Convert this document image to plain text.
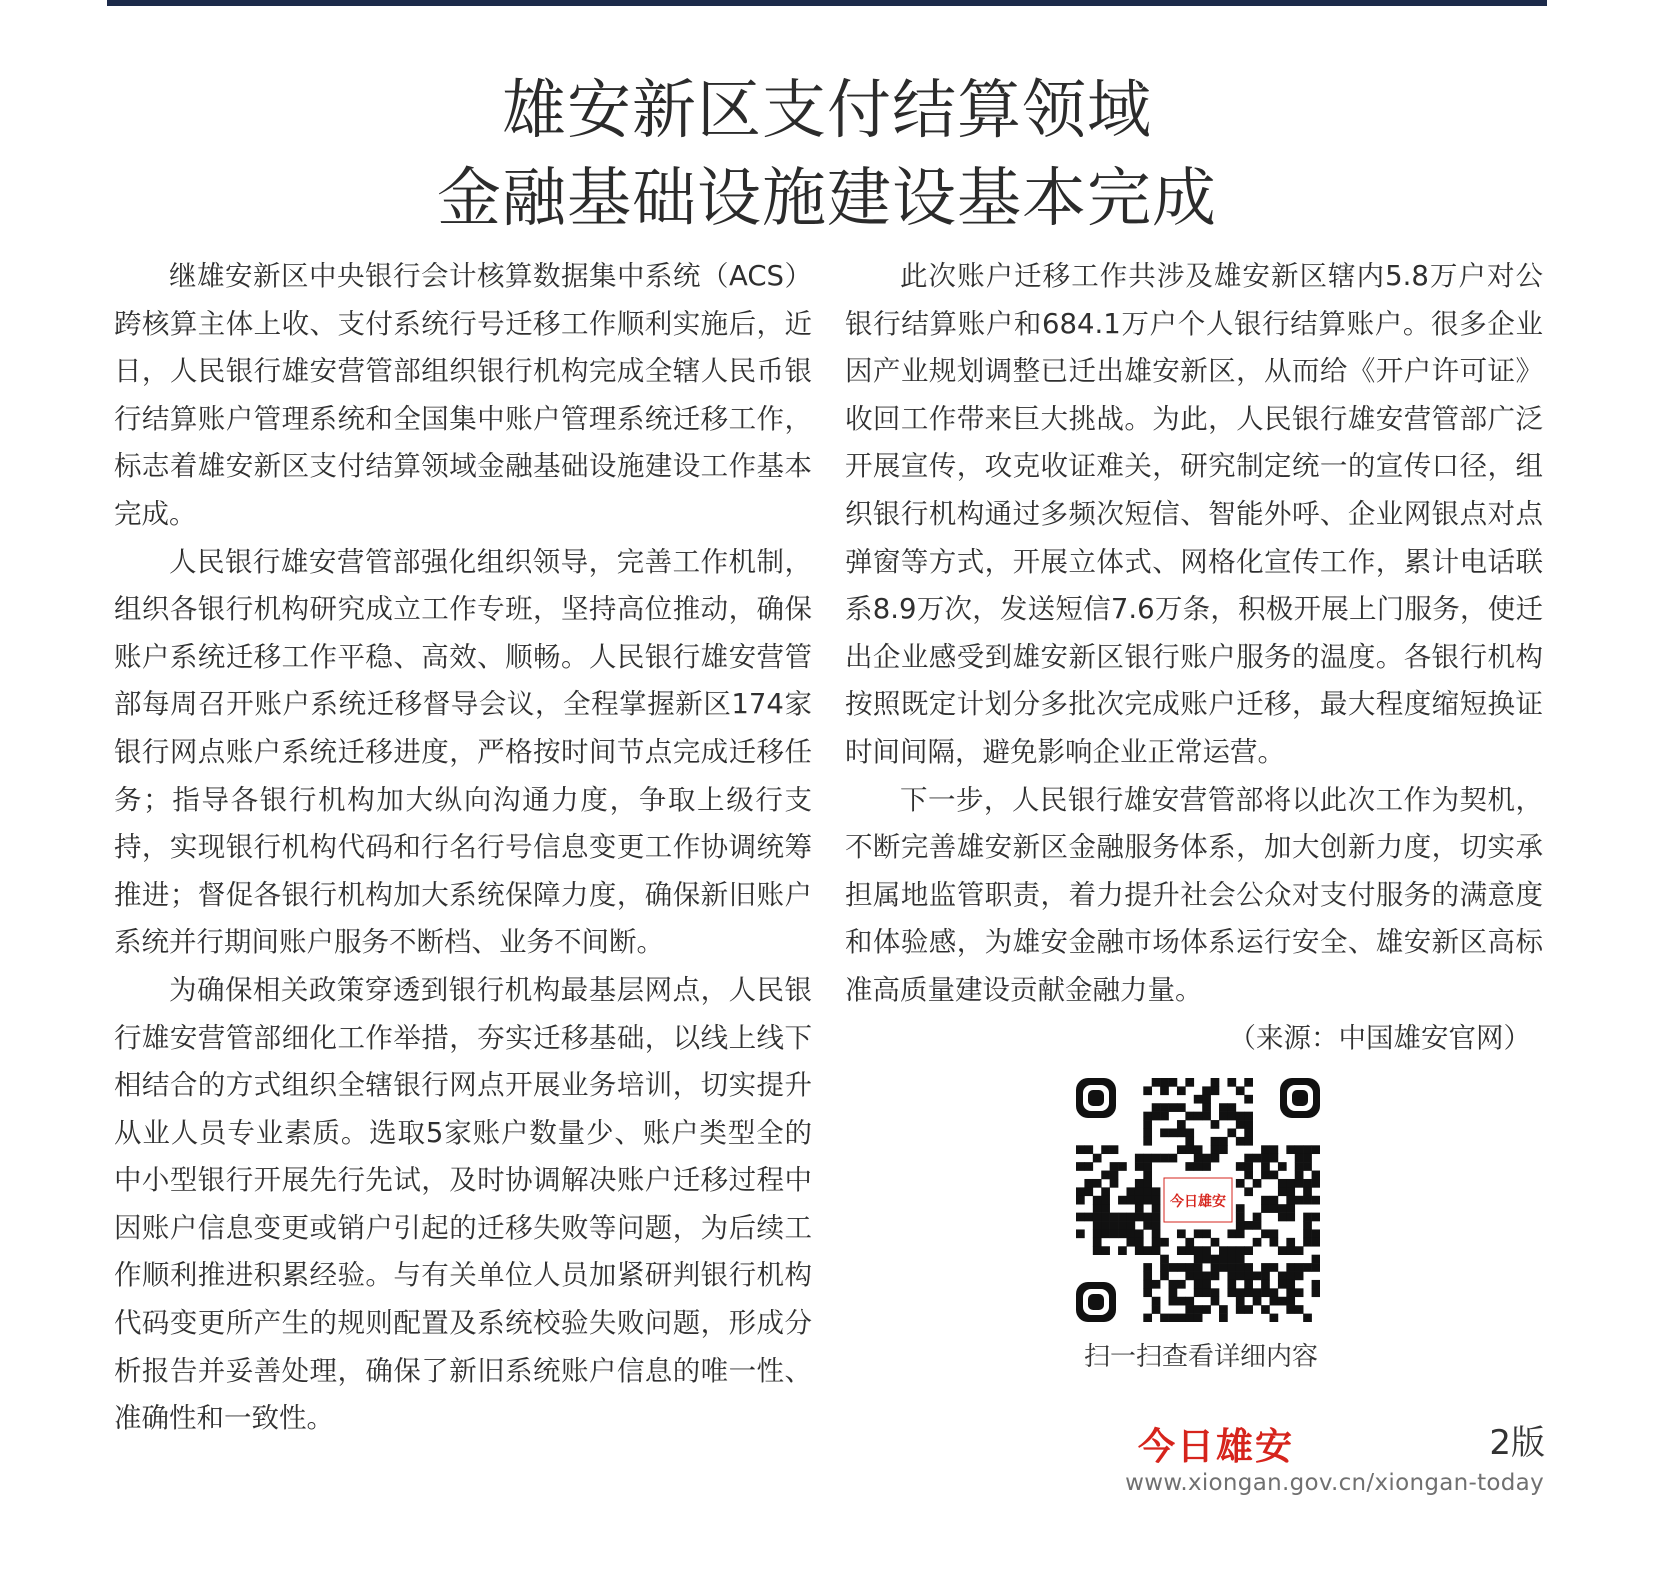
雄安新区支付结算领域
金融基础设施建设基本完成

继雄安新区中央银行会计核算数据集中系统（ACS）跨核算主体上收、支付系统行号迁移工作顺利实施后，近日，人民银行雄安营管部组织银行机构完成全辖人民币银行结算账户管理系统和全国集中账户管理系统迁移工作，标志着雄安新区支付结算领域金融基础设施建设工作基本完成。

人民银行雄安营管部强化组织领导，完善工作机制，组织各银行机构研究成立工作专班，坚持高位推动，确保账户系统迁移工作平稳、高效、顺畅。人民银行雄安营管部每周召开账户系统迁移督导会议，全程掌握新区174家银行网点账户系统迁移进度，严格按时间节点完成迁移任务；指导各银行机构加大纵向沟通力度，争取上级行支持，实现银行机构代码和行名行号信息变更工作协调统筹推进；督促各银行机构加大系统保障力度，确保新旧账户系统并行期间账户服务不断档、业务不间断。

为确保相关政策穿透到银行机构最基层网点，人民银行雄安营管部细化工作举措，夯实迁移基础，以线上线下相结合的方式组织全辖银行网点开展业务培训，切实提升从业人员专业素质。选取5家账户数量少、账户类型全的中小型银行开展先行先试，及时协调解决账户迁移过程中因账户信息变更或销户引起的迁移失败等问题，为后续工作顺利推进积累经验。与有关单位人员加紧研判银行机构代码变更所产生的规则配置及系统校验失败问题，形成分析报告并妥善处理，确保了新旧系统账户信息的唯一性、准确性和一致性。

此次账户迁移工作共涉及雄安新区辖内5.8万户对公银行结算账户和684.1万户个人银行结算账户。很多企业因产业规划调整已迁出雄安新区，从而给《开户许可证》收回工作带来巨大挑战。为此，人民银行雄安营管部广泛开展宣传，攻克收证难关，研究制定统一的宣传口径，组织银行机构通过多频次短信、智能外呼、企业网银点对点弹窗等方式，开展立体式、网格化宣传工作，累计电话联系8.9万次，发送短信7.6万条，积极开展上门服务，使迁出企业感受到雄安新区银行账户服务的温度。各银行机构按照既定计划分多批次完成账户迁移，最大程度缩短换证时间间隔，避免影响企业正常运营。

下一步，人民银行雄安营管部将以此次工作为契机，不断完善雄安新区金融服务体系，加大创新力度，切实承担属地监管职责，着力提升社会公众对支付服务的满意度和体验感，为雄安金融市场体系运行安全、雄安新区高标准高质量建设贡献金融力量。

（来源：中国雄安官网）

今日雄安
扫一扫查看详细内容
今日雄安	2版
www.xiongan.gov.cn/xiongan-today
